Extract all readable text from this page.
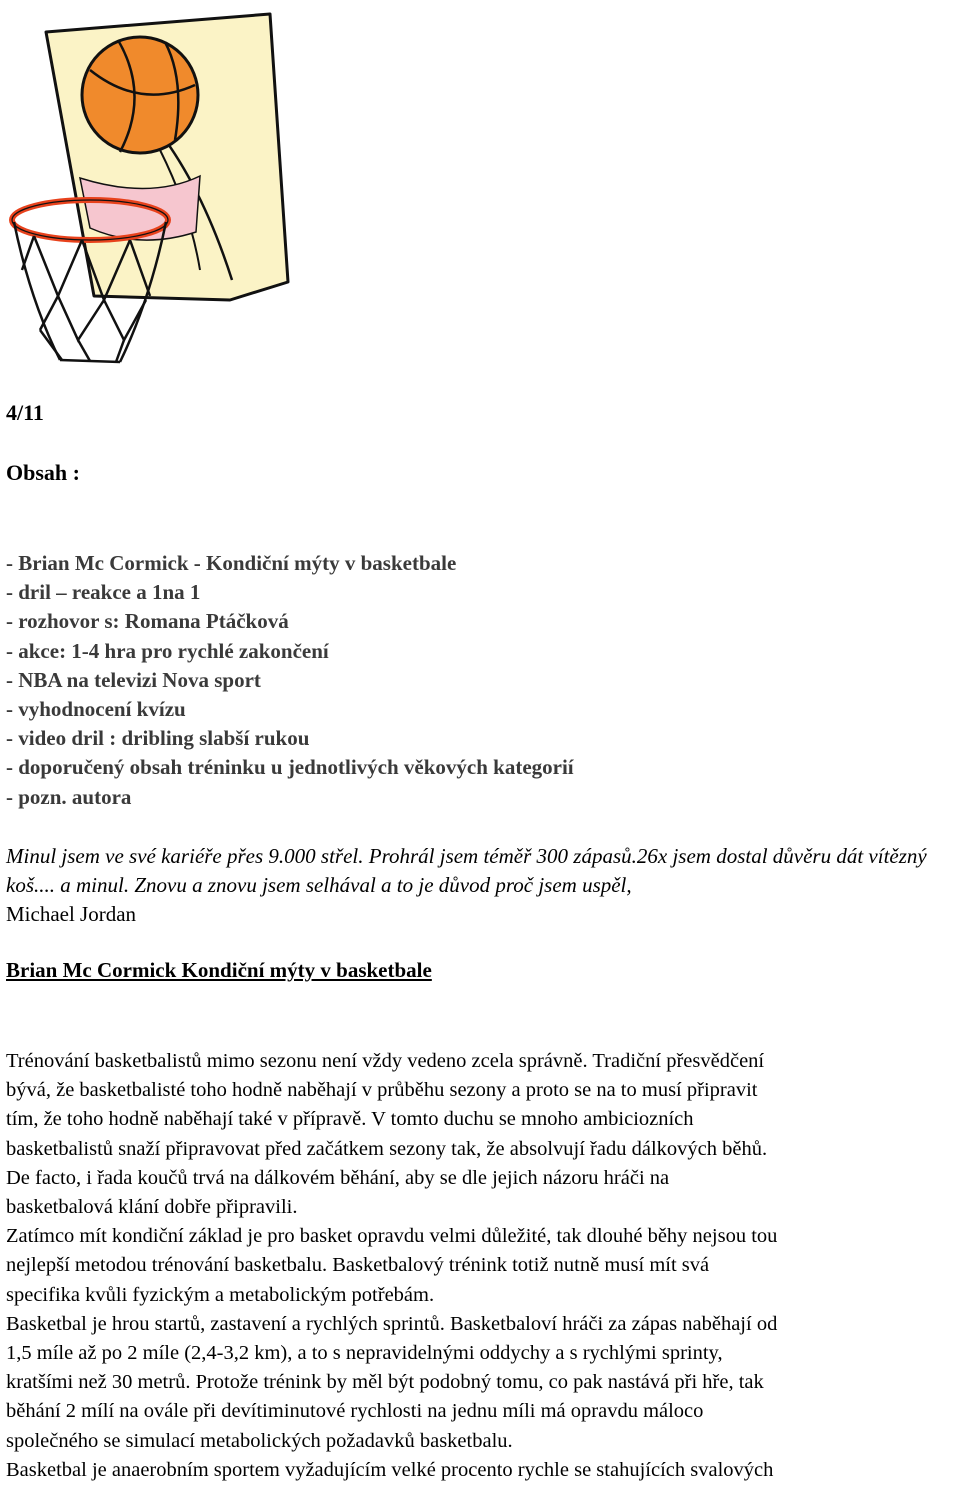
4/11
Obsah :
- Brian Mc Cormick - Kondiční mýty v basketbale
- dril – reakce a 1na 1
- rozhovor s: Romana Ptáčková
- akce: 1-4 hra pro rychlé zakončení
- NBA na televizi Nova sport
- vyhodnocení kvízu
- video dril : dribling slabší rukou
- doporučený obsah tréninku u jednotlivých věkových kategorií
- pozn. autora
Minul jsem ve své kariéře přes 9.000 střel. Prohrál jsem téměř 300 zápasů.26x jsem dostal důvěru dát vítězný koš.... a minul. Znovu a znovu jsem selhával a to je důvod proč jsem uspěl,
Michael Jordan
Brian Mc Cormick Kondiční mýty v basketbale

Trénování basketbalistů mimo sezonu není vždy vedeno zcela správně. Tradiční přesvědčení

bývá, že basketbalisté toho hodně naběhají v průběhu sezony a proto se na to musí připravit

tím, že toho hodně naběhají také v přípravě. V tomto duchu se mnoho ambiciozních

basketbalistů snaží připravovat před začátkem sezony tak, že absolvují řadu dálkových běhů.

De facto, i řada koučů trvá na dálkovém běhání, aby se dle jejich názoru hráči na

basketbalová klání dobře připravili.

Zatímco mít kondiční základ je pro basket opravdu velmi důležité, tak dlouhé běhy nejsou tou

nejlepší metodou trénování basketbalu. Basketbalový trénink totiž nutně musí mít svá

specifika kvůli fyzickým a metabolickým potřebám.

Basketbal je hrou startů, zastavení a rychlých sprintů. Basketbaloví hráči za zápas naběhají od

1,5 míle až po 2 míle (2,4-3,2 km), a to s nepravidelnými oddychy a s rychlými sprinty,

kratšími než 30 metrů. Protože trénink by měl být podobný tomu, co pak nastává při hře, tak

běhání 2 mílí na oválе při devítiminutové rychlosti na jednu míli má opravdu máloco

společného se simulací metabolických požadavků basketbalu.

Basketbal je anaerobním sportem vyžadujícím velké procento rychle se stahujících svalových
